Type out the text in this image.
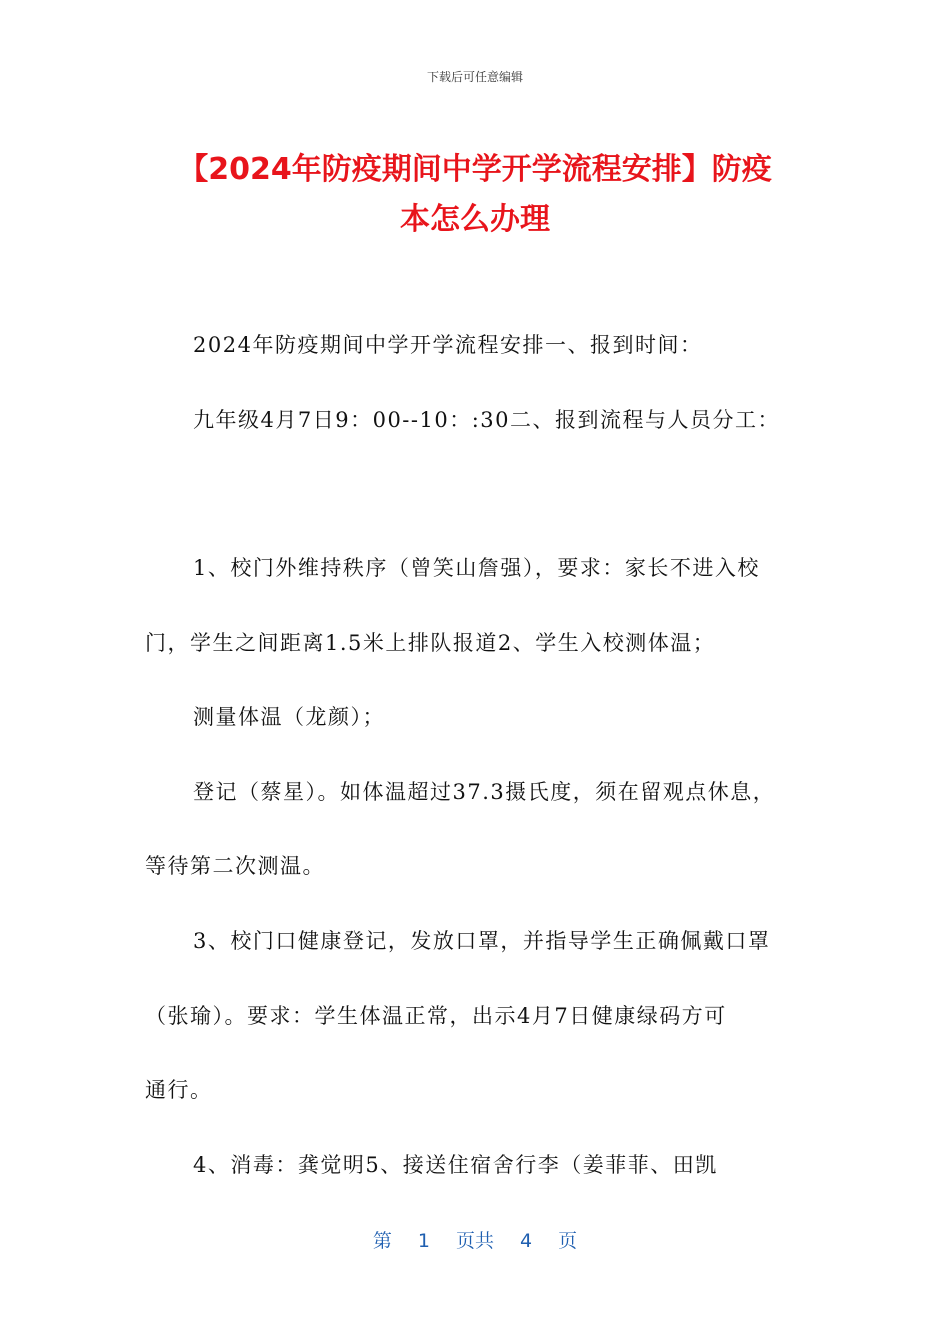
下载后可任意编辑
【2024年防疫期间中学开学流程安排】防疫
本怎么办理
2024年防疫期间中学开学流程安排一、报到时间：
九年级4月7日9：00--10：:30二、报到流程与人员分工：
1、校门外维持秩序（曾笑山詹强），要求：家长不进入校
门，学生之间距离1.5米上排队报道2、学生入校测体温；
测量体温（龙颜）；
登记（蔡星）。如体温超过37.3摄氏度，须在留观点休息，
等待第二次测温。
3、校门口健康登记，发放口罩，并指导学生正确佩戴口罩
（张瑜）。要求：学生体温正常，出示4月7日健康绿码方可
通行。
4、消毒：龚觉明5、接送住宿舍行李（姜菲菲、田凯
第 1 页共 4 页
